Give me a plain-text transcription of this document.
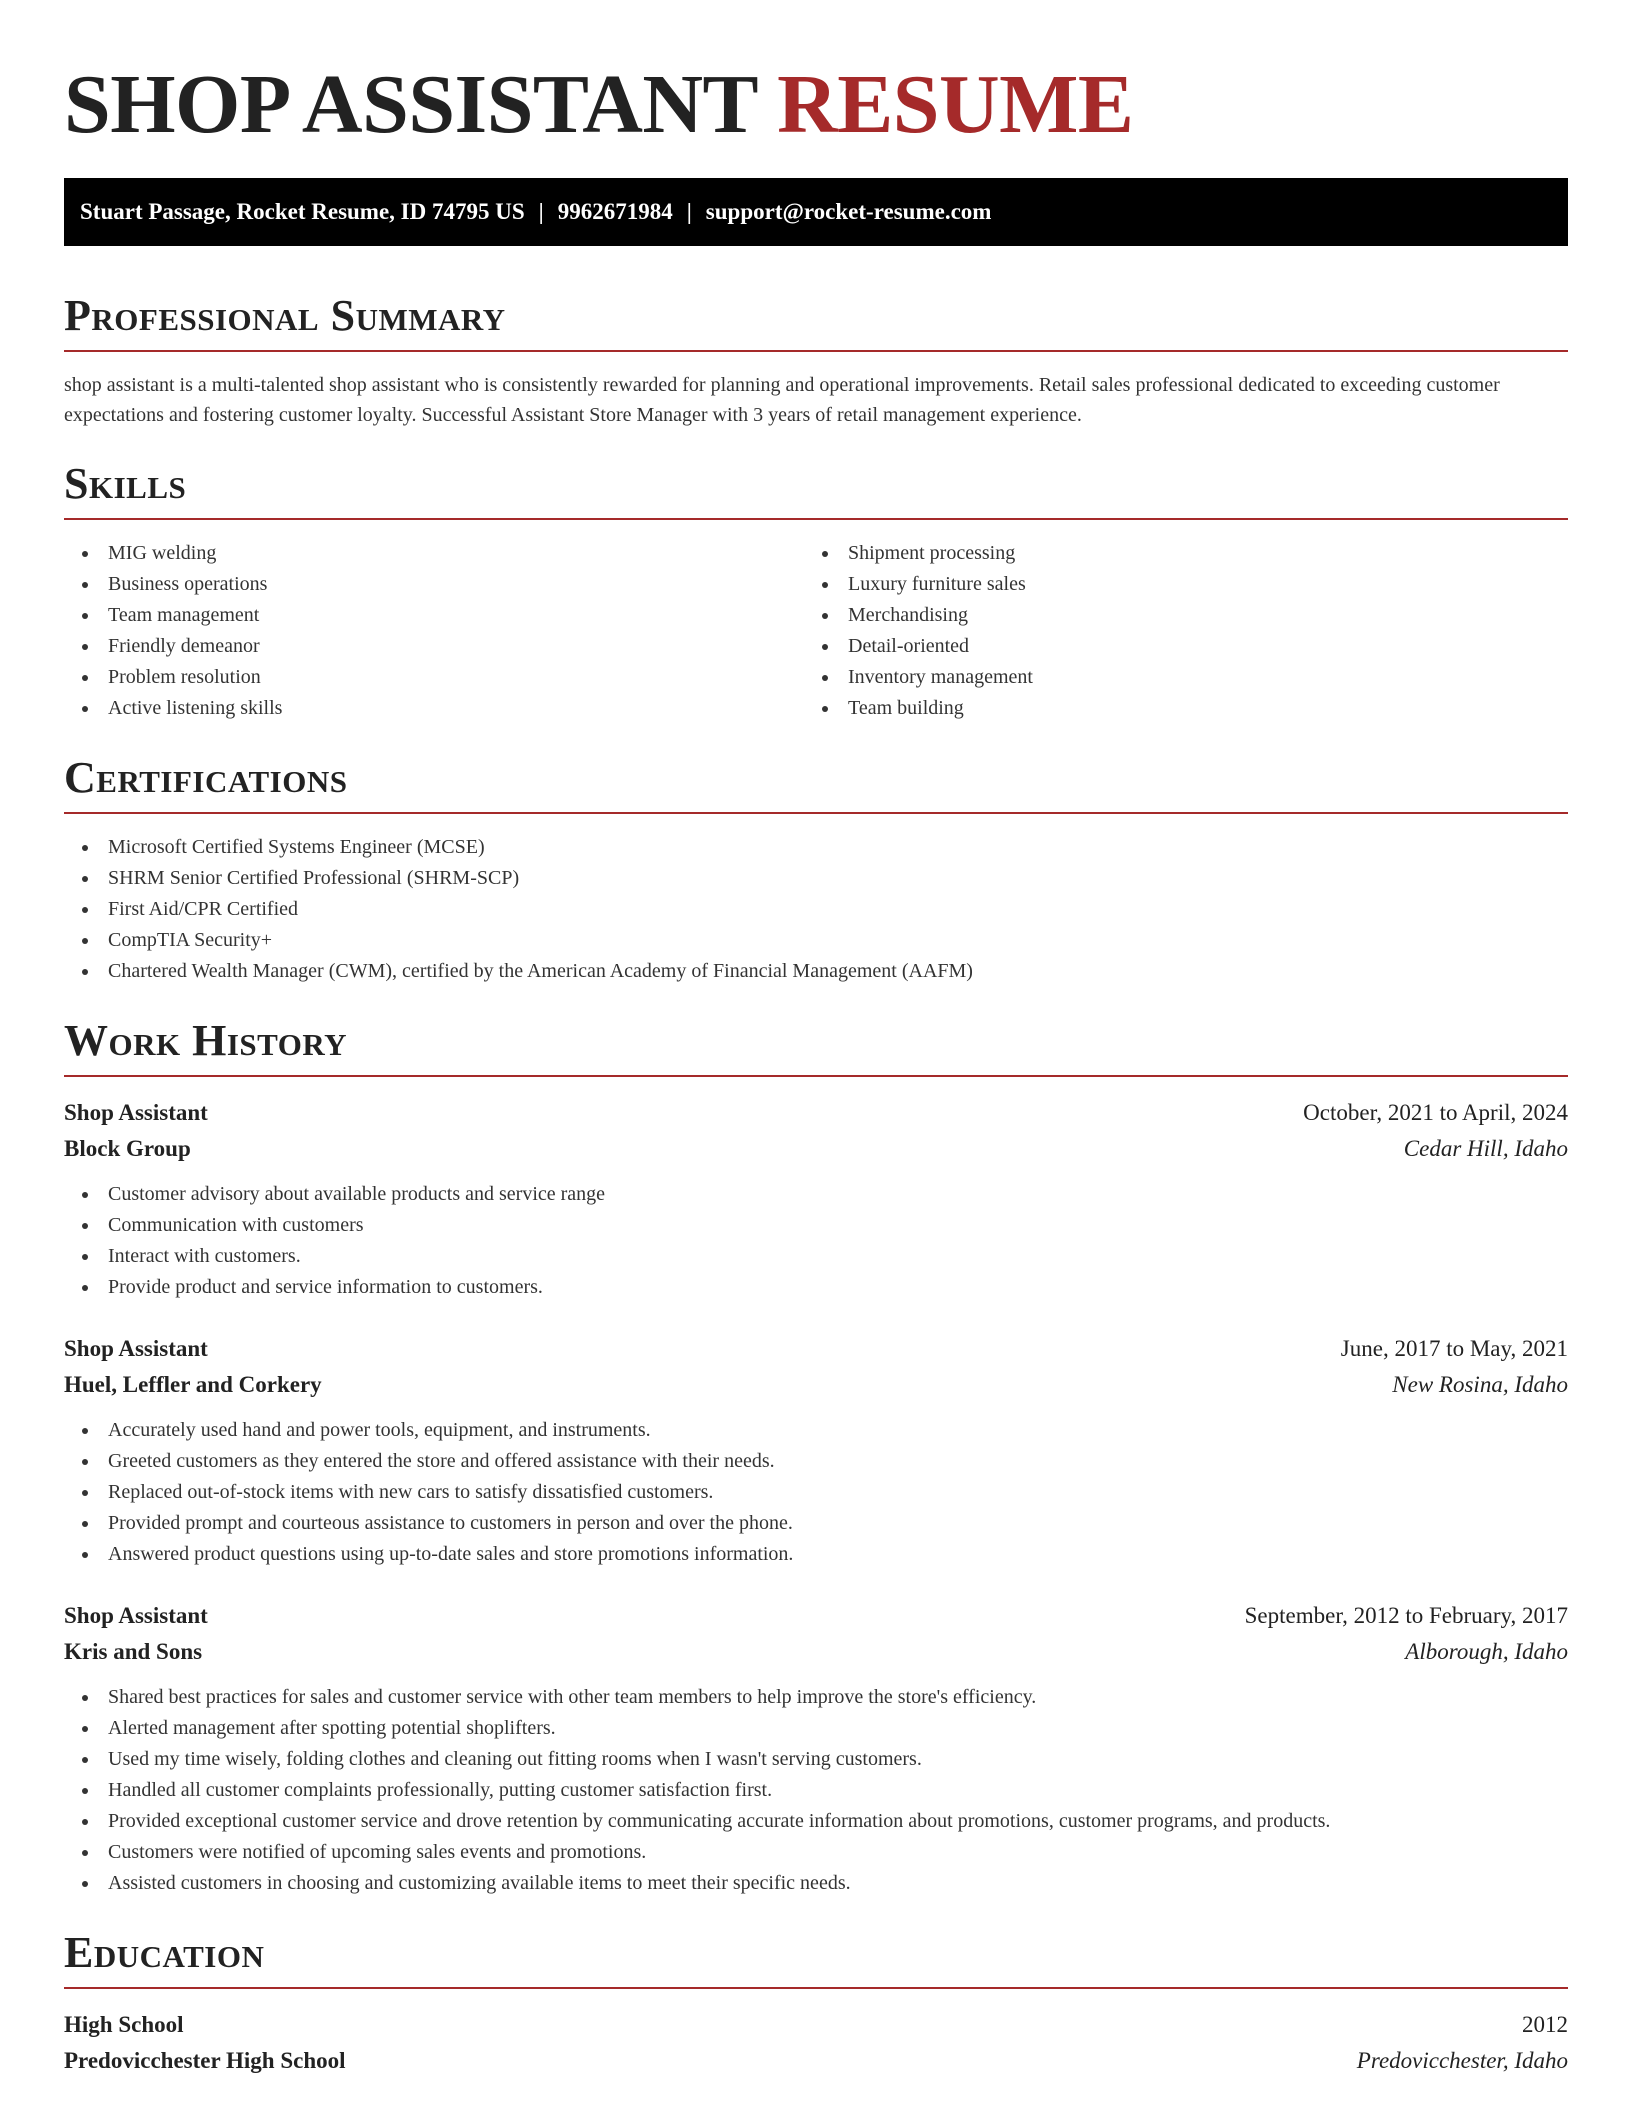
SHOP ASSISTANT RESUME
Stuart Passage, Rocket Resume, ID 74795 US | 9962671984 | support@rocket-resume.com
Professional Summary

shop assistant is a multi-talented shop assistant who is consistently rewarded for planning and operational improvements. Retail sales professional dedicated to exceeding customer expectations and fostering customer loyalty. Successful Assistant Store Manager with 3 years of retail management experience.

Skills
MIG welding
Business operations
Team management
Friendly demeanor
Problem resolution
Active listening skills
Shipment processing
Luxury furniture sales
Merchandising
Detail-oriented
Inventory management
Team building
Certifications
Microsoft Certified Systems Engineer (MCSE)
SHRM Senior Certified Professional (SHRM-SCP)
First Aid/CPR Certified
CompTIA Security+
Chartered Wealth Manager (CWM), certified by the American Academy of Financial Management (AAFM)
Work History
Shop Assistant	October, 2021 to April, 2024
Block Group	Cedar Hill, Idaho
Customer advisory about available products and service range
Communication with customers
Interact with customers.
Provide product and service information to customers.
Shop Assistant	June, 2017 to May, 2021
Huel, Leffler and Corkery	New Rosina, Idaho
Accurately used hand and power tools, equipment, and instruments.
Greeted customers as they entered the store and offered assistance with their needs.
Replaced out-of-stock items with new cars to satisfy dissatisfied customers.
Provided prompt and courteous assistance to customers in person and over the phone.
Answered product questions using up-to-date sales and store promotions information.
Shop Assistant	September, 2012 to February, 2017
Kris and Sons	Alborough, Idaho
Shared best practices for sales and customer service with other team members to help improve the store's efficiency.
Alerted management after spotting potential shoplifters.
Used my time wisely, folding clothes and cleaning out fitting rooms when I wasn't serving customers.
Handled all customer complaints professionally, putting customer satisfaction first.
Provided exceptional customer service and drove retention by communicating accurate information about promotions, customer programs, and products.
Customers were notified of upcoming sales events and promotions.
Assisted customers in choosing and customizing available items to meet their specific needs.
Education
High School	2012
Predovicchester High School	Predovicchester, Idaho
